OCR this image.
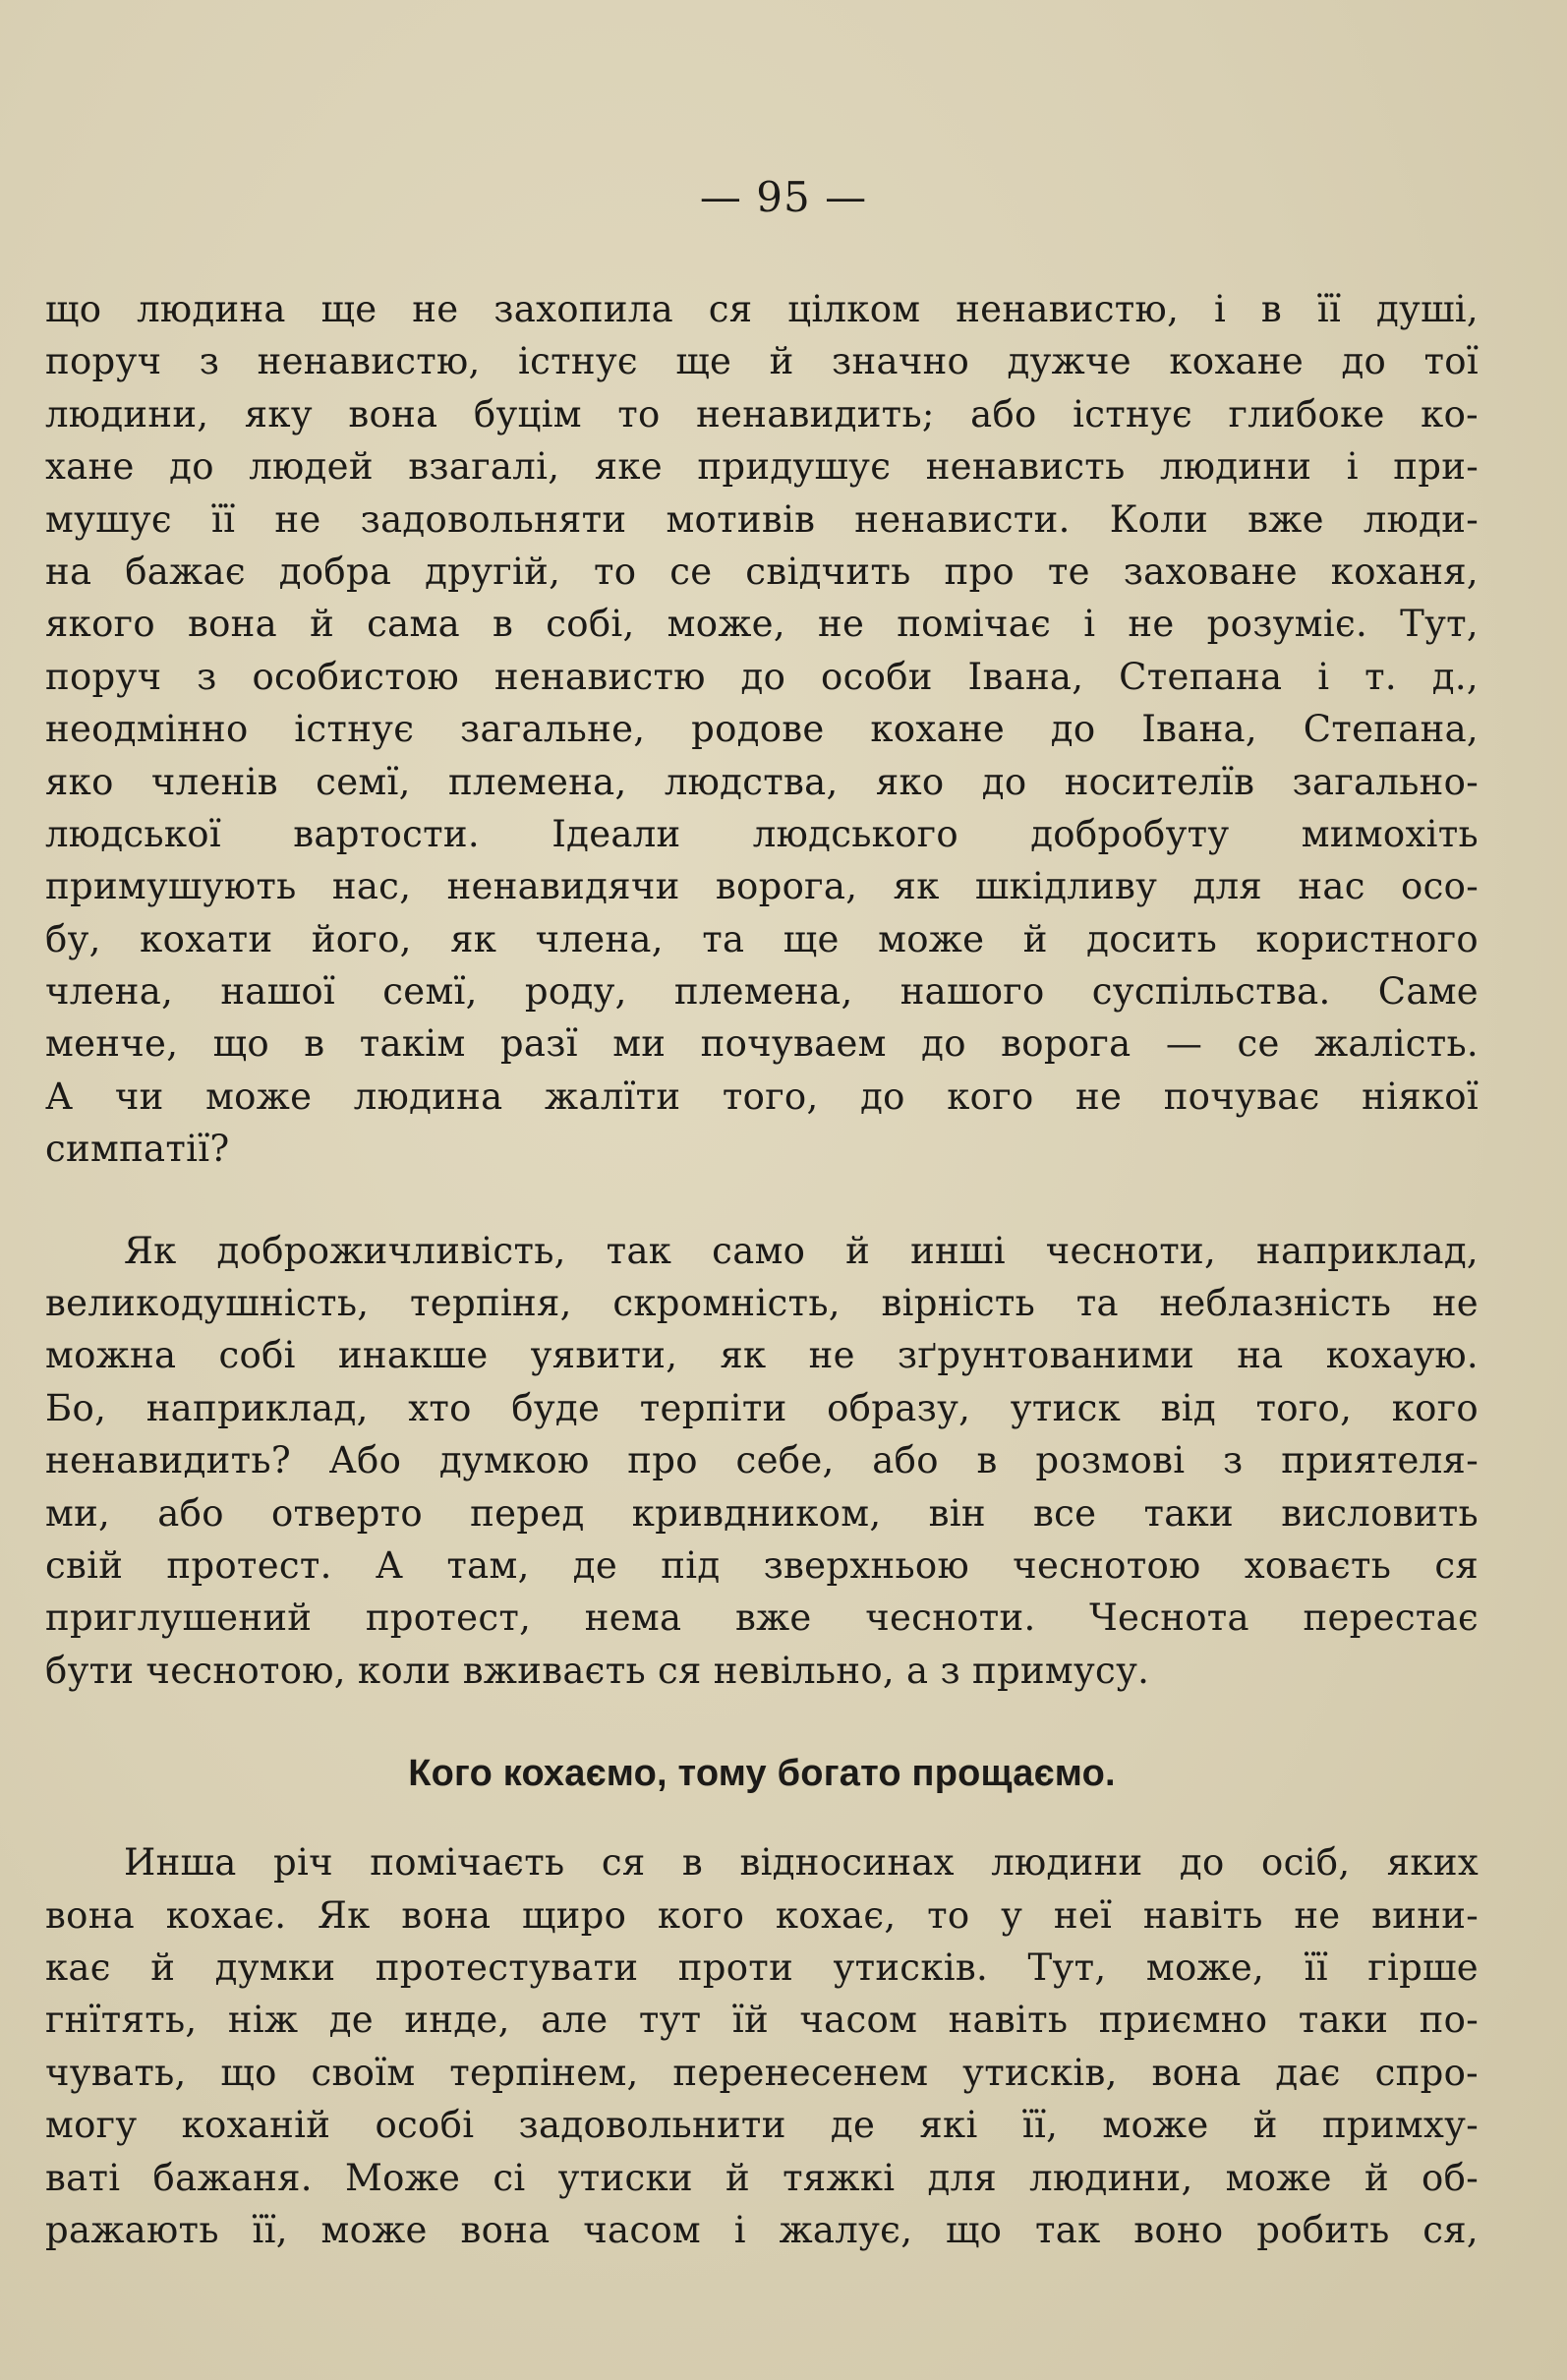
— 95 —
що людина ще не захопила ся цілком ненавистю, і в її душі,
поруч з ненавистю, істнує ще й значно дужче кохане до тої
людини, яку вона буцім то ненавидить; або істнує глибоке ко-
хане до людей взагалі, яке придушує ненависть людини і при-
мушує її не задовольняти мотивів ненависти. Коли вже люди-
на бажає добра другій, то се свідчить про те заховане коханя,
якого вона й сама в собі, може, не помічає і не розуміє. Тут,
поруч з особистою ненавистю до особи Івана, Степана і т. д.,
неодмінно істнує загальне, родове кохане до Івана, Степана,
яко членів семї, племена, людства, яко до носителїв загально-
людської вартости. Ідеали людського добробуту мимохіть
примушують нас, ненавидячи ворога, як шкідливу для нас осо-
бу, кохати його, як члена, та ще може й досить користного
члена, нашої семї, роду, племена, нашого суспільства. Саме
менче, що в такім разї ми почуваем до ворога — се жалість.
А чи може людина жалїти того, до кого не почуває ніякої
симпатії?
Як доброжичливість, так само й инші чесноти, наприклад,
великодушність, терпіня, скромність, вірність та неблазність не
можна собі инакше уявити, як не зґрунтованими на кохаyю.
Бо, наприклад, хто буде терпіти образу, утиск від того, кого
ненавидить? Або думкою про себе, або в розмові з приятеля-
ми, або отверто перед кривдником, він все таки висловить
свій протест. А там, де під зверхньою чеснотою ховаєть ся
приглушений протест, нема вже чесноти. Чеснота перестає
бути чеснотою, коли вживаєть ся невільно, а з примусу.
Кого кохаємо, тому богато прощаємо.
Инша річ помічаєть ся в відносинах людини до осіб, яких
вона кохає. Як вона щиро кого кохає, то у неї навіть не вини-
кає й думки протестувати проти утисків. Тут, може, її гірше
гнїтять, ніж де инде, але тут їй часом навіть приємно таки по-
чувать, що своїм терпінем, перенесенем утисків, вона дає спро-
могу коханій особі задовольнити де які її, може й примху-
ваті бажаня. Може сі утиски й тяжкі для людини, може й об-
ражають її, може вона часом і жалує, що так воно робить ся,
